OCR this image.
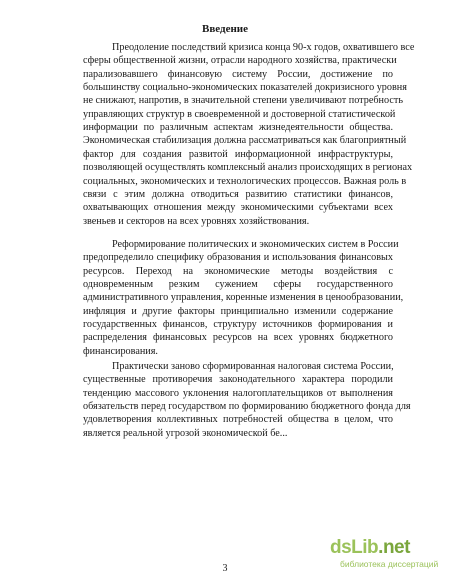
Введение
Преодоление последствий кризиса конца 90-х годов, охватившего все
сферы общественной жизни, отрасли народного хозяйства, практически
парализовавшего финансовую систему России, достижение по
большинству социально-экономических показателей докризисного уровня
не снижают, напротив, в значительной степени увеличивают потребность
управляющих структур в своевременной и достоверной статистической
информации по различным аспектам жизнедеятельности общества.
Экономическая стабилизация должна рассматриваться как благоприятный
фактор для создания развитой информационной инфраструктуры,
позволяющей осуществлять комплексный анализ происходящих в регионах
социальных, экономических и технологических процессов. Важная роль в
связи с этим должна отводиться развитию статистики финансов,
охватывающих отношения между экономическими субъектами всех
звеньев и секторов на всех уровнях хозяйствования.
Реформирование политических и экономических систем в России
предопределило специфику образования и использования финансовых
ресурсов. Переход на экономические методы воздействия с
одновременным резким сужением сферы государственного
административного управления, коренные изменения в ценообразовании,
инфляция и другие факторы принципиально изменили содержание
государственных финансов, структуру источников формирования и
распределения финансовых ресурсов на всех уровнях бюджетного
финансирования.
Практически заново сформированная налоговая система России,
существенные противоречия законодательного характера породили
тенденцию массового уклонения налогоплательщиков от выполнения
обязательств перед государством по формированию бюджетного фонда для
удовлетворения коллективных потребностей общества в целом, что
является реальной угрозой экономической бе...
3
dsLib.net
библиотека диссертаций
